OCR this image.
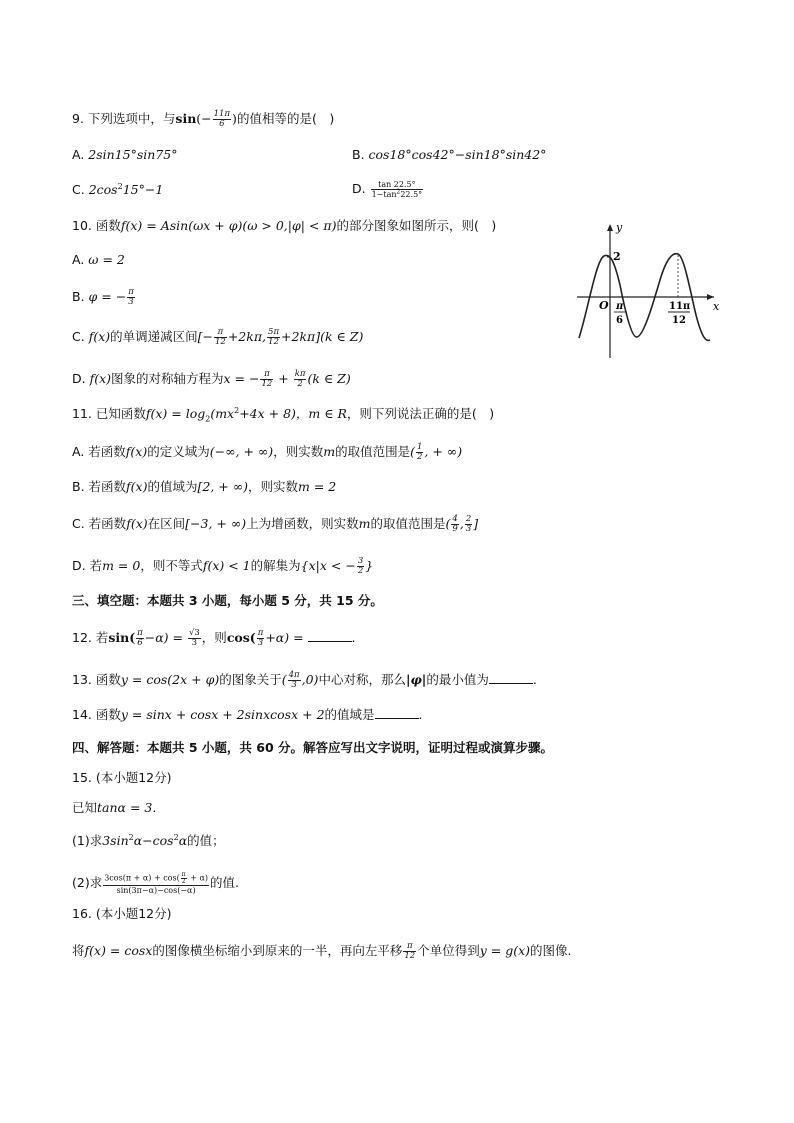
9. 下列选项中，与$\sin(- \frac{11\pi}{6}$ )的值相等的是(　)
A. 2sin15°sin75°	B. cos18°cos42°−sin18°sin42°
C. $2\cos^215^\circ-1$	D. $\frac{\tan 22.5^\circ}{1-\tan^222.5^\circ}$
10. 函数f(x) = Asin(ωx + φ)(ω > 0,|φ| < π)的部分图象如图所示，则(　)
A. ω = 2
B. φ = − $\frac{\pi}{3}$
C. f(x)的单调递减区间[− $\frac{\pi}{12} +2k\pi$, $\frac{5\pi}{12} +2k\pi](k$ ∈ Z)
D. f(x)图象的对称轴方程为x = − $\frac{\pi}{12} + \frac{k\pi}{2} (k$ ∈ Z)
y
x
O
2
π
6
11π
12
11. 已知函数$f(x) = \log_2(mx^2+4x + 8)$，m ∈ R，则下列说法正确的是(　)
A. 若函数f(x)的定义域为(−∞, + ∞)，则实数m的取值范围是( $\frac{1}{2}$ , + ∞)
B. 若函数f(x)的值域为[2, + ∞)，则实数m = 2
C. 若函数f(x)在区间[−3, + ∞)上为增函数，则实数m的取值范围是( $\frac{4}{9}$ , $\frac{2}{3}$ ]
D. 若m = 0，则不等式f(x) < 1的解集为{x|x < − $\frac{3}{2}$ }
三、填空题：本题共 3 小题，每小题 5 分，共 15 分。
12. 若$\sin( \frac{\pi}{6} -\alpha) = \frac{√3}{3}$ ，则$\cos( \frac{\pi}{3} +\alpha)$ =	.
13. 函数y = cos(2x + φ)的图象关于( $\frac{4\pi}{3} ,0$)中心对称，那么|φ|的最小值为	.
14. 函数y = sinx + cosx + 2sinxcosx + 2的值域是	.
四、解答题：本题共 5 小题，共 60 分。解答应写出文字说明，证明过程或演算步骤。
15. (本小题12分)
已知tanα = 3.
(1)求$3\sin^2\alpha-\cos^2\alpha$的值；
(2)求 $\frac{3\cos(\pi + \alpha) + \cos( \frac{\pi}{2} + \alpha)}{\sin(3\pi-\alpha)-\cos(-\alpha)}$ 的值.
16. (本小题12分)
将f(x) = cosx的图像横坐标缩小到原来的一半，再向左平移 $\frac{\pi}{12}$ 个单位得到y = g(x)的图像.
